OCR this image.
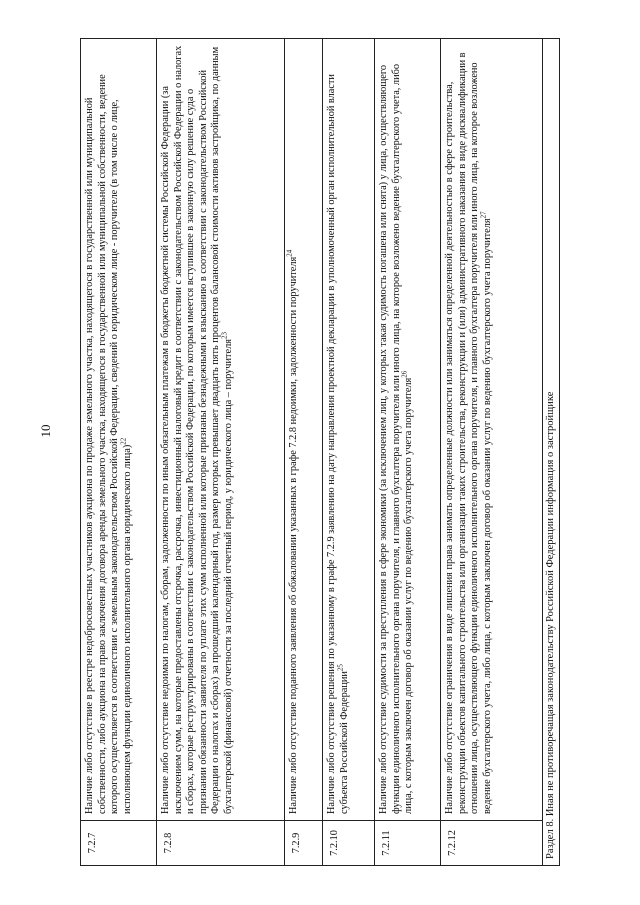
10
7.2.7	Наличие либо отсутствие в реестре недобросовестных участников аукциона по продаже земельного участка, находящегося в государственной или муниципальной собственности, либо аукциона на право заключения договора аренды земельного участка, находящегося в государственной или муниципальной собственности, ведение которого осуществляется в соответствии с земельным законодательством Российской Федерации, сведений о юридическом лице - поручителе (в том числе о лице, исполняющем функции единоличного исполнительного органа юридического лица)$^{22}$
7.2.8	Наличие либо отсутствие недоимки по налогам, сборам, задолженности по иным обязательным платежам в бюджеты бюджетной системы Российской Федерации (за исключением сумм, на которые предоставлены отсрочка, рассрочка, инвестиционный налоговый кредит в соответствии с законодательством Российской Федерации о налогах и сборах, которые реструктурированы в соответствии с законодательством Российской Федерации, по которым имеется вступившее в законную силу решение суда о признании обязанности заявителя по уплате этих сумм исполненной или которые признаны безнадежными к взысканию в соответствии с законодательством Российской Федерации о налогах и сборах) за прошедший календарный год, размер которых превышает двадцать пять процентов балансовой стоимости активов застройщика, по данным бухгалтерской (финансовой) отчетности за последний отчетный период, у юридического лица – поручителя$^{23}$
7.2.9	Наличие либо отсутствие поданного заявления об обжаловании указанных в графе 7.2.8 недоимки, задолженности поручителя$^{24}$
7.2.10	Наличие либо отсутствие решения по указанному в графе 7.2.9 заявлению на дату направления проектной декларации в уполномоченный орган исполнительной власти субъекта Российской Федерации$^{25}$
7.2.11	Наличие либо отсутствие судимости за преступления в сфере экономики (за исключением лиц, у которых такая судимость погашена или снята) у лица, осуществляющего функции единоличного исполнительного органа поручителя, и главного бухгалтера поручителя или иного лица, на которое возложено ведение бухгалтерского учета, либо лица, с которым заключен договор об оказании услуг по ведению бухгалтерского учета поручителя$^{26}$
7.2.12	Наличие либо отсутствие ограничения в виде лишения права занимать определенные должности или заниматься определенной деятельностью в сфере строительства, реконструкции объектов капитального строительства или организации таких строительства, реконструкции и (или) административного наказания в виде дисквалификации в отношении лица, осуществляющего функции единоличного исполнительного органа поручителя, и главного бухгалтера поручителя или иного лица, на которое возложено ведение бухгалтерского учета, либо лица, с которым заключен договор об оказании услуг по ведению бухгалтерского учета поручителя$^{27}$
Раздел 8. Иная не противоречащая законодательству Российской Федерации информация о застройщике
